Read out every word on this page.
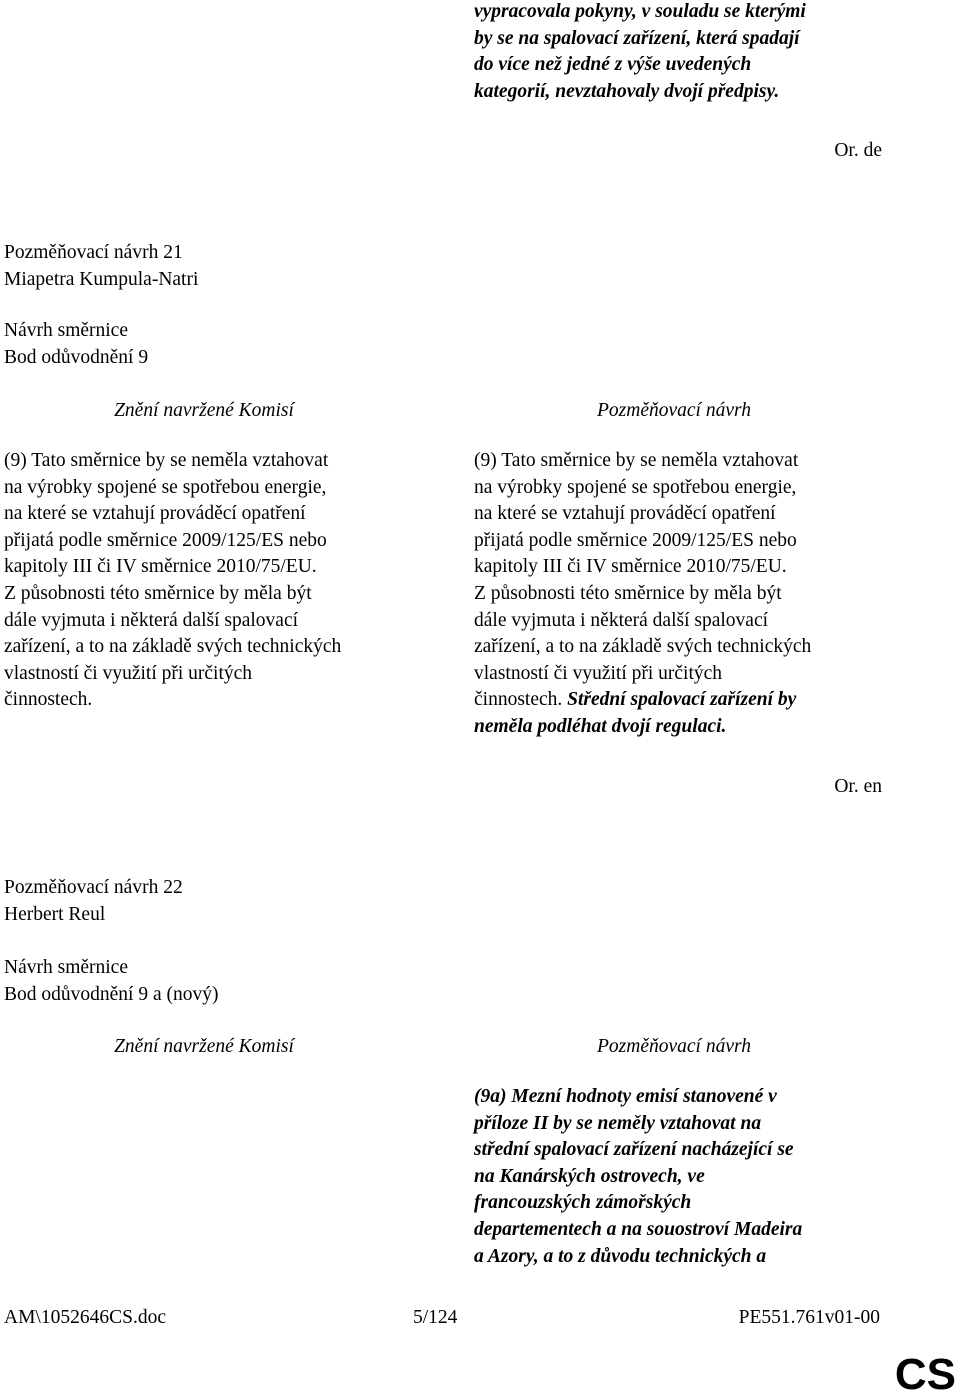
vypracovala pokyny, v souladu se kterými
by se na spalovací zařízení, která spadají
do více než jedné z výše uvedených
kategorií, nevztahovaly dvojí předpisy.
Or. de
Pozměňovací návrh 21
Miapetra Kumpula-Natri
Návrh směrnice
Bod odůvodnění 9
Znění navržené Komisí	Pozměňovací návrh
(9) Tato směrnice by se neměla vztahovat
na výrobky spojené se spotřebou energie,
na které se vztahují prováděcí opatření
přijatá podle směrnice 2009/125/ES nebo
kapitoly III či IV směrnice 2010/75/EU.
Z působnosti této směrnice by měla být
dále vyjmuta i některá další spalovací
zařízení, a to na základě svých technických
vlastností či využití při určitých
činnostech.
(9) Tato směrnice by se neměla vztahovat
na výrobky spojené se spotřebou energie,
na které se vztahují prováděcí opatření
přijatá podle směrnice 2009/125/ES nebo
kapitoly III či IV směrnice 2010/75/EU.
Z působnosti této směrnice by měla být
dále vyjmuta i některá další spalovací
zařízení, a to na základě svých technických
vlastností či využití při určitých
činnostech. Střední spalovací zařízení by
neměla podléhat dvojí regulaci.
Or. en
Pozměňovací návrh 22
Herbert Reul
Návrh směrnice
Bod odůvodnění 9 a (nový)
Znění navržené Komisí	Pozměňovací návrh
(9a) Mezní hodnoty emisí stanovené v
příloze II by se neměly vztahovat na
střední spalovací zařízení nacházející se
na Kanárských ostrovech, ve
francouzských zámořských
departementech a na souostroví Madeira
a Azory, a to z důvodu technických a
AM\1052646CS.doc	5/124	PE551.761v01-00
CS
